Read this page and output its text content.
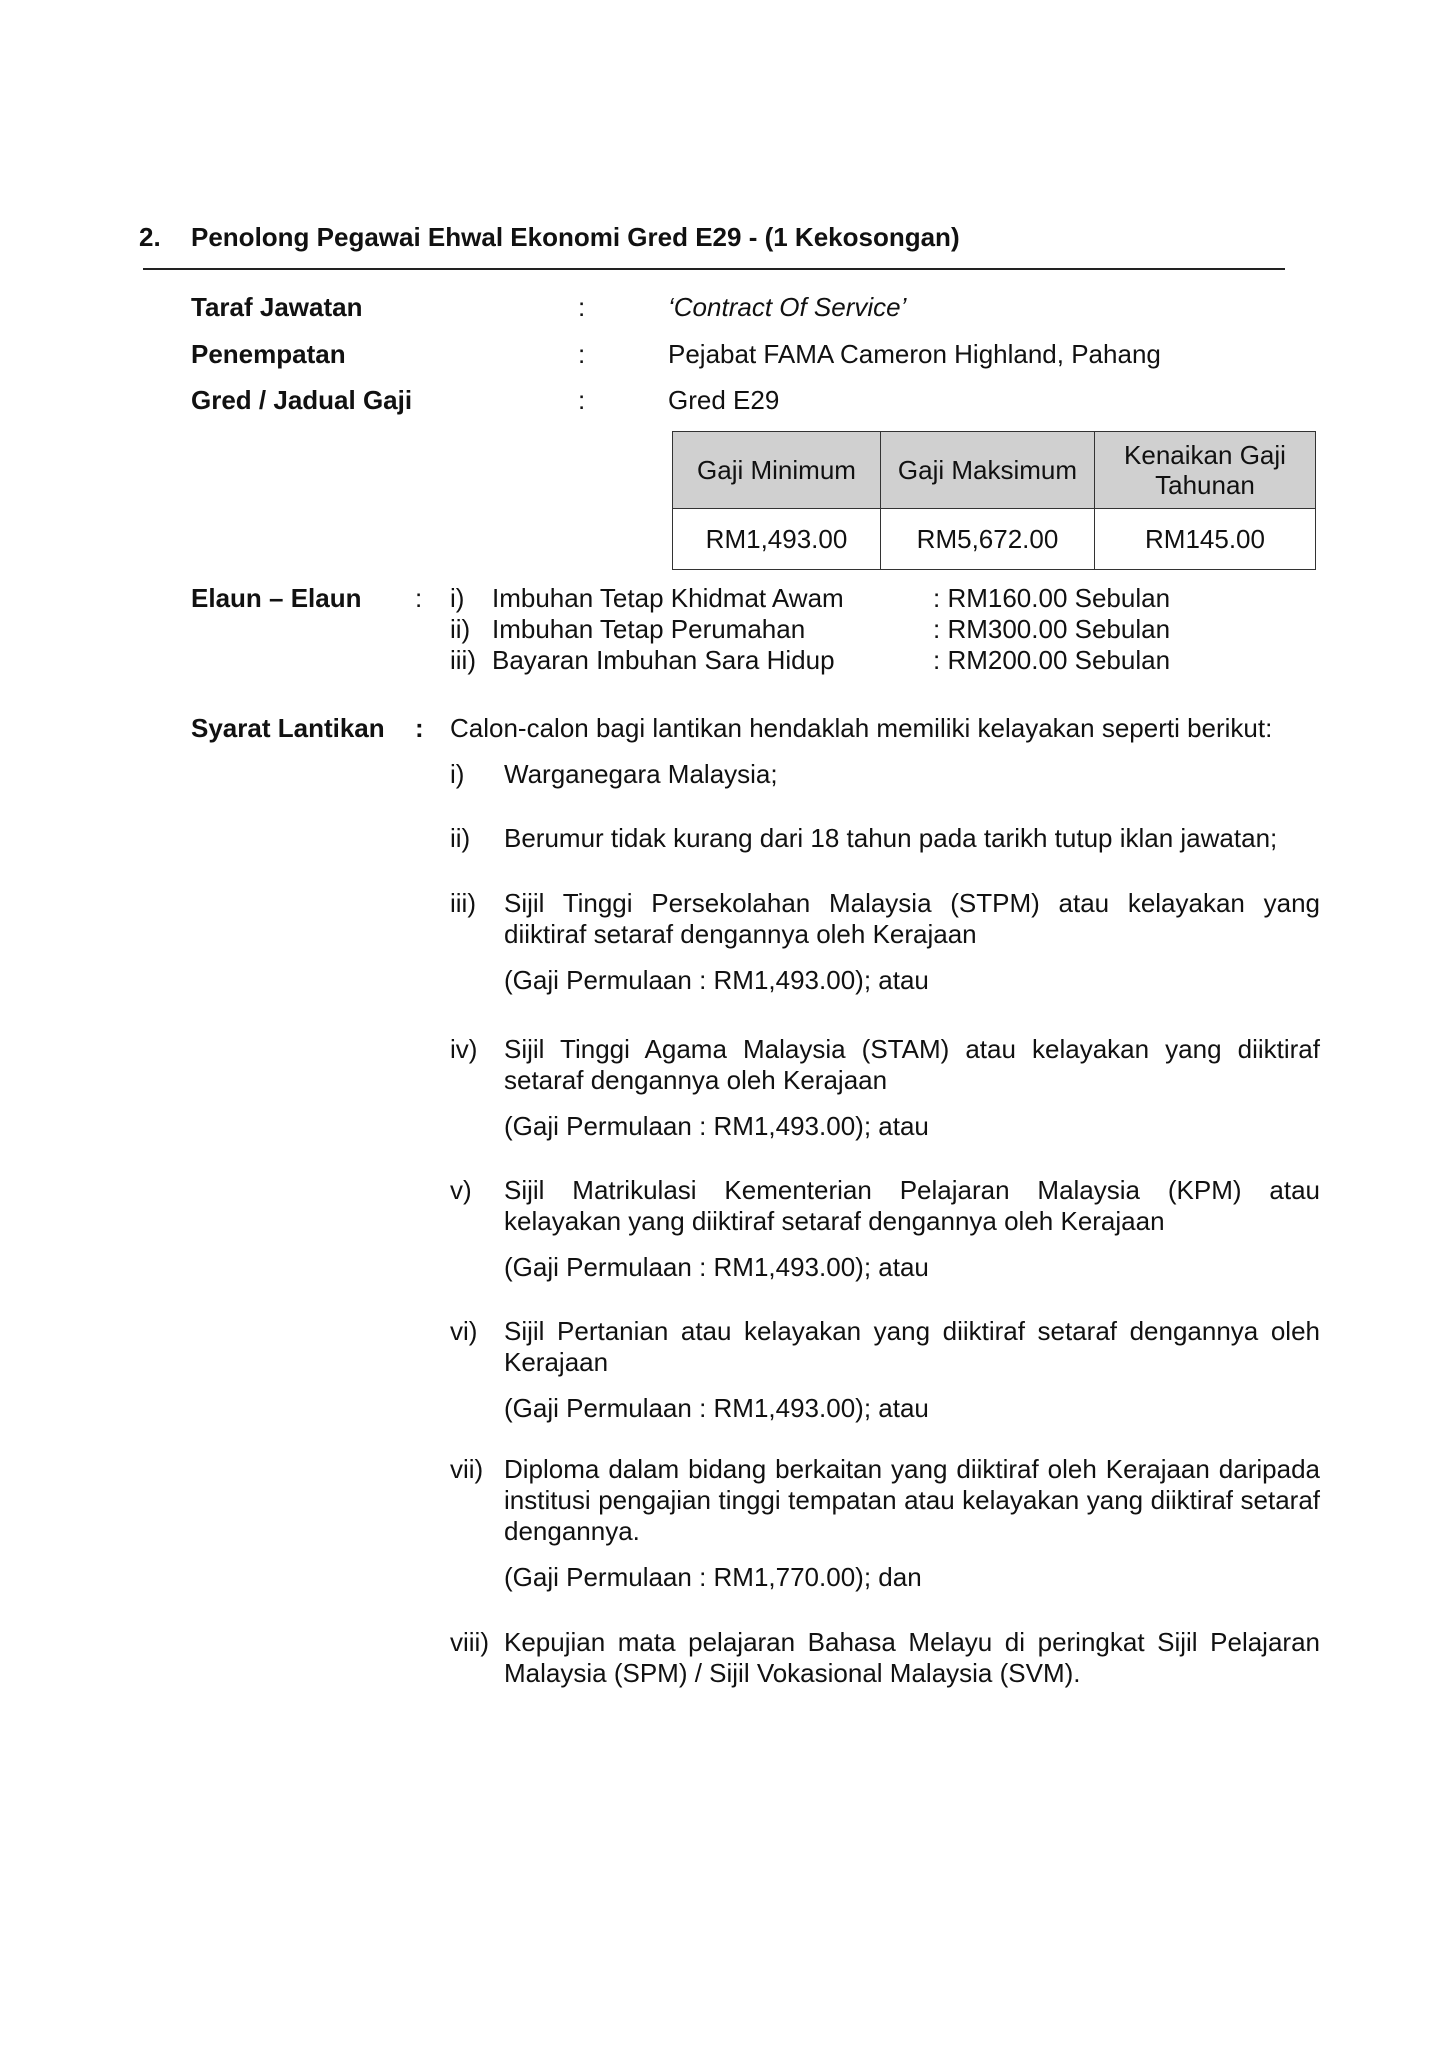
2. Penolong Pegawai Ehwal Ekonomi Gred E29 - (1 Kekosongan)
Taraf Jawatan	:	‘Contract Of Service’
Penempatan	:	Pejabat FAMA Cameron Highland, Pahang
Gred / Jadual Gaji	:	Gred E29
Gaji Minimum	Gaji Maksimum	Kenaikan Gaji Tahunan
RM1,493.00	RM5,672.00	RM145.00
Elaun – Elaun : i) Imbuhan Tetap Khidmat Awam	: RM160.00 Sebulan
ii) Imbuhan Tetap Perumahan	: RM300.00 Sebulan
iii) Bayaran Imbuhan Sara Hidup	: RM200.00 Sebulan
Syarat Lantikan : Calon-calon bagi lantikan hendaklah memiliki kelayakan seperti berikut:
i) Warganegara Malaysia;
ii) Berumur tidak kurang dari 18 tahun pada tarikh tutup iklan jawatan;
iii) Sijil Tinggi Persekolahan Malaysia (STPM) atau kelayakan yang diiktiraf setaraf dengannya oleh Kerajaan
(Gaji Permulaan : RM1,493.00); atau
iv) Sijil Tinggi Agama Malaysia (STAM) atau kelayakan yang diiktiraf setaraf dengannya oleh Kerajaan
(Gaji Permulaan : RM1,493.00); atau
v) Sijil Matrikulasi Kementerian Pelajaran Malaysia (KPM) atau kelayakan yang diiktiraf setaraf dengannya oleh Kerajaan
(Gaji Permulaan : RM1,493.00); atau
vi) Sijil Pertanian atau kelayakan yang diiktiraf setaraf dengannya oleh Kerajaan
(Gaji Permulaan : RM1,493.00); atau
vii) Diploma dalam bidang berkaitan yang diiktiraf oleh Kerajaan daripada institusi pengajian tinggi tempatan atau kelayakan yang diiktiraf setaraf dengannya.
(Gaji Permulaan : RM1,770.00); dan
viii) Kepujian mata pelajaran Bahasa Melayu di peringkat Sijil Pelajaran Malaysia (SPM) / Sijil Vokasional Malaysia (SVM).
